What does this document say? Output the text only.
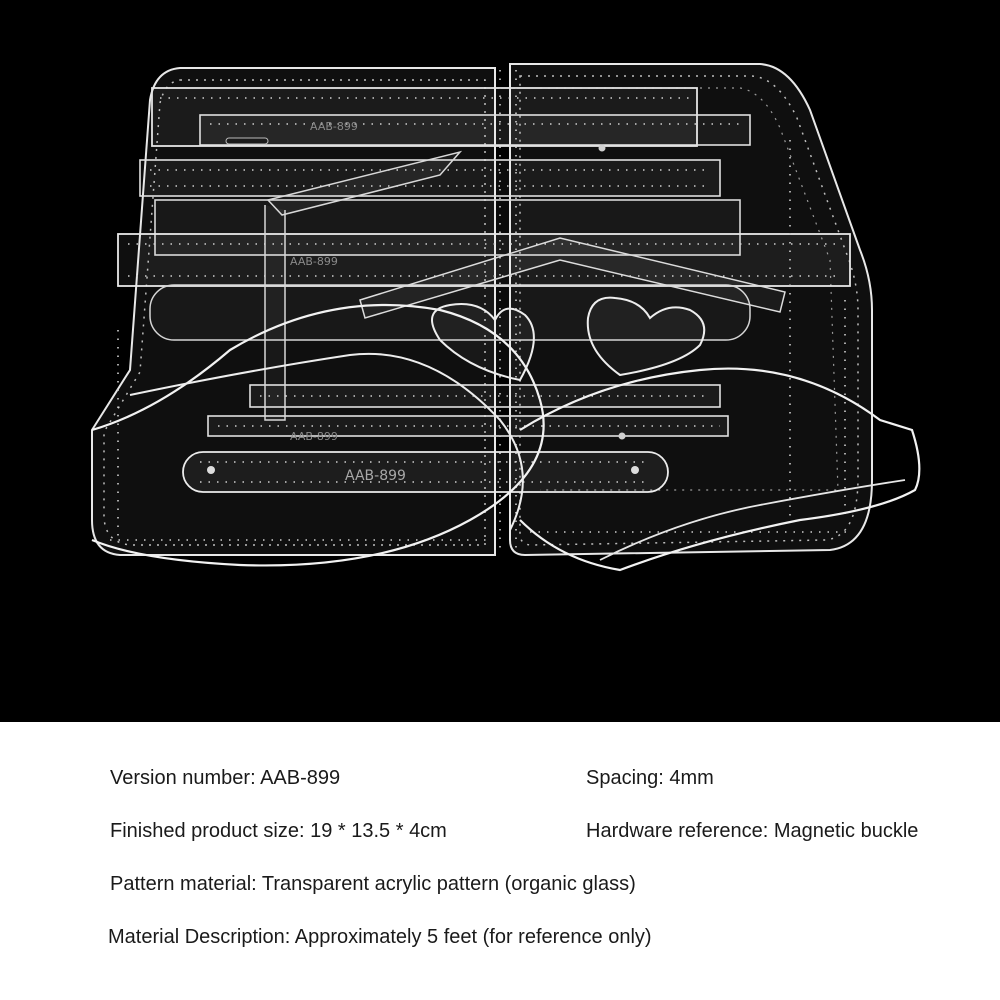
AAB-899
AAB-899
AAB-899
AAB-899
Version number: AAB-899	Spacing: 4mm
Finished product size: 19 * 13.5 * 4cm	Hardware reference: Magnetic buckle
Pattern material: Transparent acrylic pattern (organic glass)
Material Description: Approximately 5 feet (for reference only)
